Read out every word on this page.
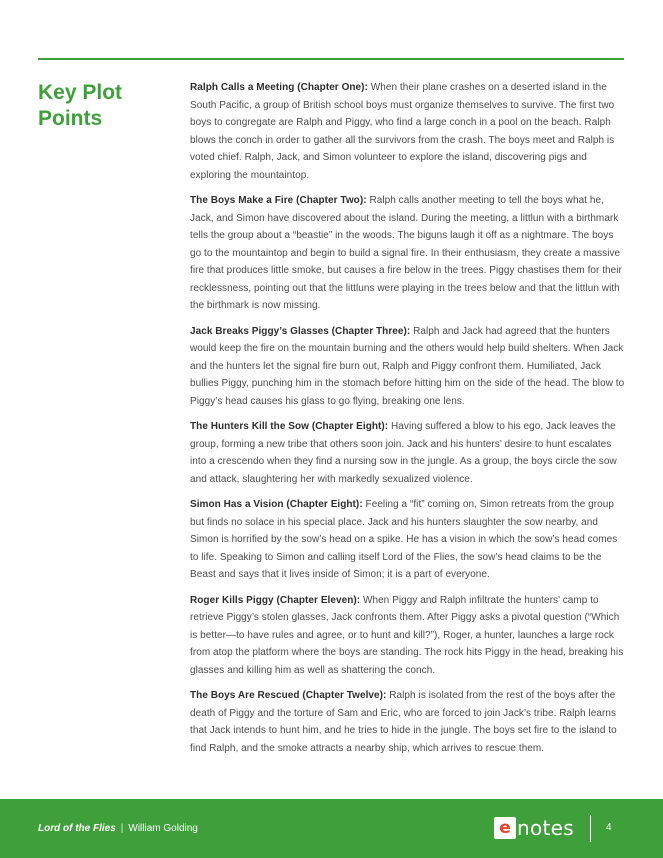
Key Plot Points

Ralph Calls a Meeting (Chapter One): When their plane crashes on a deserted island in the South Pacific, a group of British school boys must organize themselves to survive. The first two boys to congregate are Ralph and Piggy, who find a large conch in a pool on the beach. Ralph blows the conch in order to gather all the survivors from the crash. The boys meet and Ralph is voted chief. Ralph, Jack, and Simon volunteer to explore the island, discovering pigs and exploring the mountaintop.

The Boys Make a Fire (Chapter Two): Ralph calls another meeting to tell the boys what he, Jack, and Simon have discovered about the island. During the meeting, a littlun with a birthmark tells the group about a “beastie” in the woods. The biguns laugh it off as a nightmare. The boys go to the mountaintop and begin to build a signal fire. In their enthusiasm, they create a massive fire that produces little smoke, but causes a fire below in the trees. Piggy chastises them for their recklessness, pointing out that the littluns were playing in the trees below and that the littlun with the birthmark is now missing.

Jack Breaks Piggy’s Glasses (Chapter Three): Ralph and Jack had agreed that the hunters would keep the fire on the mountain burning and the others would help build shelters. When Jack and the hunters let the signal fire burn out, Ralph and Piggy confront them. Humiliated, Jack bullies Piggy, punching him in the stomach before hitting him on the side of the head. The blow to Piggy’s head causes his glass to go flying, breaking one lens.

The Hunters Kill the Sow (Chapter Eight): Having suffered a blow to his ego, Jack leaves the group, forming a new tribe that others soon join. Jack and his hunters’ desire to hunt escalates into a crescendo when they find a nursing sow in the jungle. As a group, the boys circle the sow and attack, slaughtering her with markedly sexualized violence.

Simon Has a Vision (Chapter Eight): Feeling a “fit” coming on, Simon retreats from the group but finds no solace in his special place. Jack and his hunters slaughter the sow nearby, and Simon is horrified by the sow’s head on a spike. He has a vision in which the sow’s head comes to life. Speaking to Simon and calling itself Lord of the Flies, the sow’s head claims to be the Beast and says that it lives inside of Simon; it is a part of everyone.

Roger Kills Piggy (Chapter Eleven): When Piggy and Ralph infiltrate the hunters’ camp to retrieve Piggy’s stolen glasses, Jack confronts them. After Piggy asks a pivotal question (“Which is better—to have rules and agree, or to hunt and kill?”), Roger, a hunter, launches a large rock from atop the platform where the boys are standing. The rock hits Piggy in the head, breaking his glasses and killing him as well as shattering the conch.

The Boys Are Rescued (Chapter Twelve): Ralph is isolated from the rest of the boys after the death of Piggy and the torture of Sam and Eric, who are forced to join Jack’s tribe. Ralph learns that Jack intends to hunt him, and he tries to hide in the jungle. The boys set fire to the island to find Ralph, and the smoke attracts a nearby ship, which arrives to rescue them.

Lord of the Flies | William Golding	e notes	4
